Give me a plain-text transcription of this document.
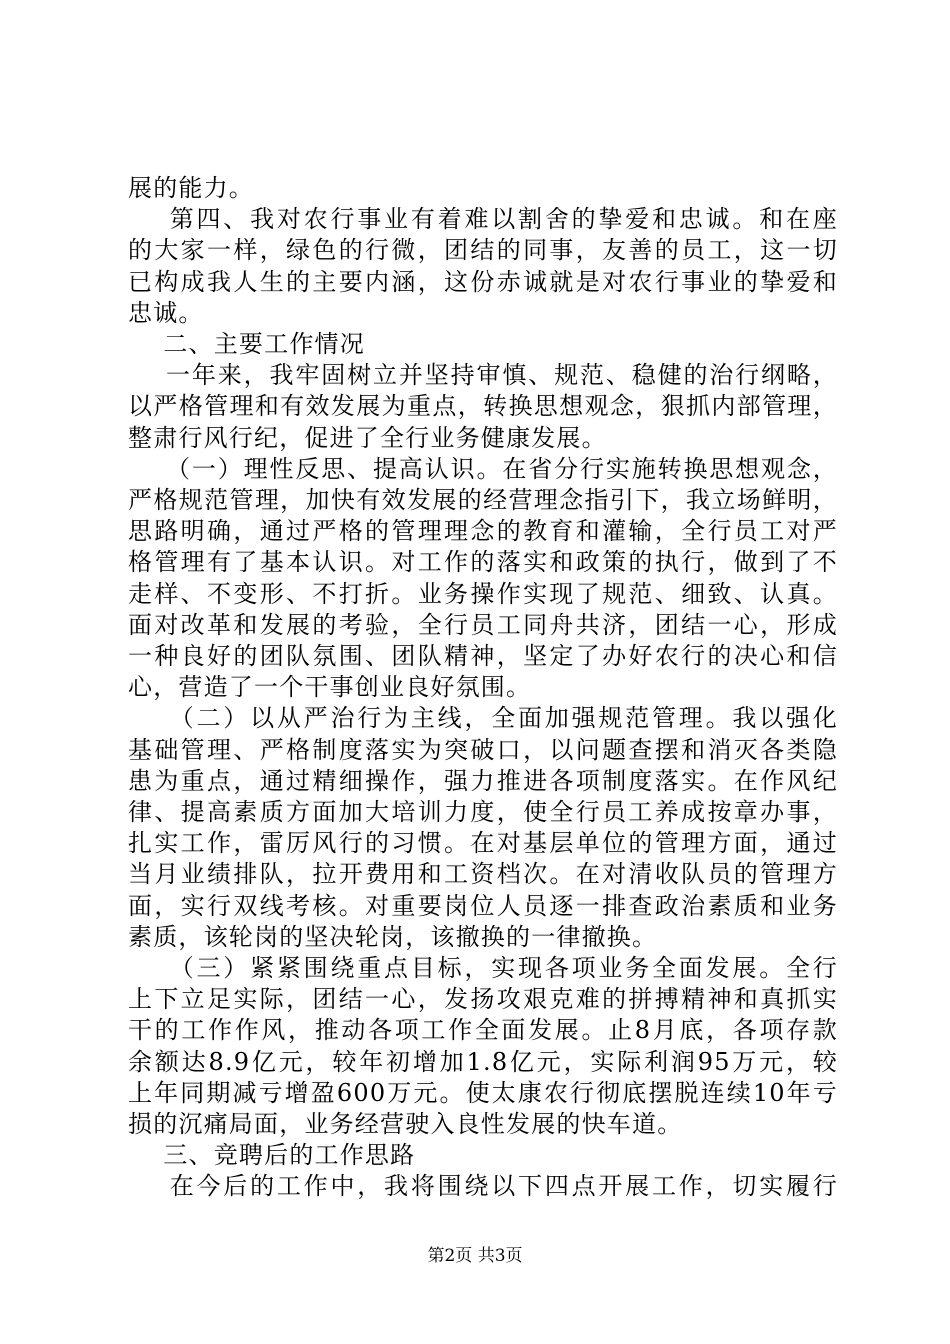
展的能力。
第四、我对农行事业有着难以割舍的挚爱和忠诚。和在座
的大家一样，绿色的行微，团结的同事，友善的员工，这一切
已构成我人生的主要内涵，这份赤诚就是对农行事业的挚爱和
忠诚。
二、主要工作情况
一年来，我牢固树立并坚持审慎、规范、稳健的治行纲略，
以严格管理和有效发展为重点，转换思想观念，狠抓内部管理，
整肃行风行纪，促进了全行业务健康发展。
（一）理性反思、提高认识。在省分行实施转换思想观念，
严格规范管理，加快有效发展的经营理念指引下，我立场鲜明，
思路明确，通过严格的管理理念的教育和灌输，全行员工对严
格管理有了基本认识。对工作的落实和政策的执行，做到了不
走样、不变形、不打折。业务操作实现了规范、细致、认真。
面对改革和发展的考验，全行员工同舟共济，团结一心，形成
一种良好的团队氛围、团队精神，坚定了办好农行的决心和信
心，营造了一个干事创业良好氛围。
（二）以从严治行为主线，全面加强规范管理。我以强化
基础管理、严格制度落实为突破口，以问题查摆和消灭各类隐
患为重点，通过精细操作，强力推进各项制度落实。在作风纪
律、提高素质方面加大培训力度，使全行员工养成按章办事，
扎实工作，雷厉风行的习惯。在对基层单位的管理方面，通过
当月业绩排队，拉开费用和工资档次。在对清收队员的管理方
面，实行双线考核。对重要岗位人员逐一排查政治素质和业务
素质，该轮岗的坚决轮岗，该撤换的一律撤换。
（三）紧紧围绕重点目标，实现各项业务全面发展。全行
上下立足实际，团结一心，发扬攻艰克难的拼搏精神和真抓实
干的工作作风，推动各项工作全面发展。止8月底，各项存款
余额达8.9亿元，较年初增加1.8亿元，实际利润95万元，较
上年同期减亏增盈600万元。使太康农行彻底摆脱连续10年亏
损的沉痛局面，业务经营驶入良性发展的快车道。
三、竞聘后的工作思路
在今后的工作中，我将围绕以下四点开展工作，切实履行
第2页 共3页
